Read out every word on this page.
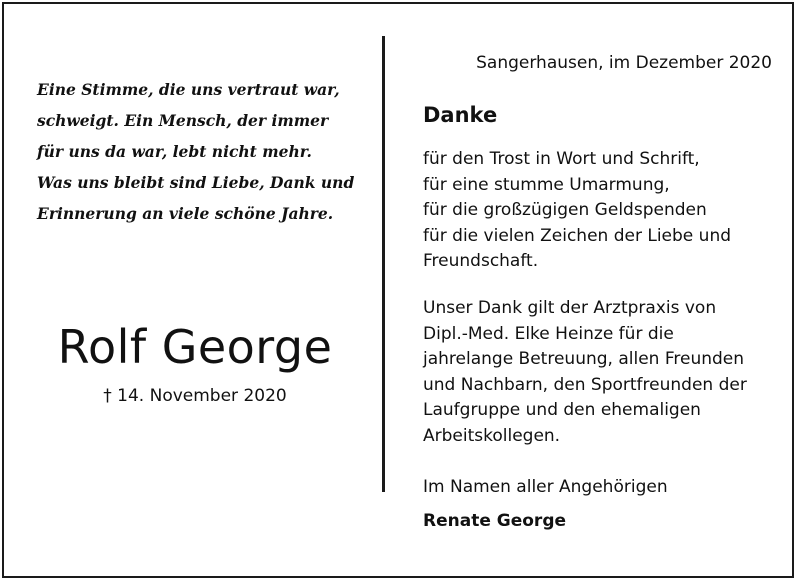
Eine Stimme, die uns vertraut war,
schweigt. Ein Mensch, der immer
für uns da war, lebt nicht mehr.
Was uns bleibt sind Liebe, Dank und
Erinnerung an viele schöne Jahre.
Rolf George
† 14. November 2020
Sangerhausen, im Dezember 2020
Danke
für den Trost in Wort und Schrift,
für eine stumme Umarmung,
für die großzügigen Geldspenden
für die vielen Zeichen der Liebe und
Freundschaft.
Unser Dank gilt der Arztpraxis von
Dipl.-Med. Elke Heinze für die
jahrelange Betreuung, allen Freunden
und Nachbarn, den Sportfreunden der
Laufgruppe und den ehemaligen
Arbeitskollegen.
Im Namen aller Angehörigen
Renate George
